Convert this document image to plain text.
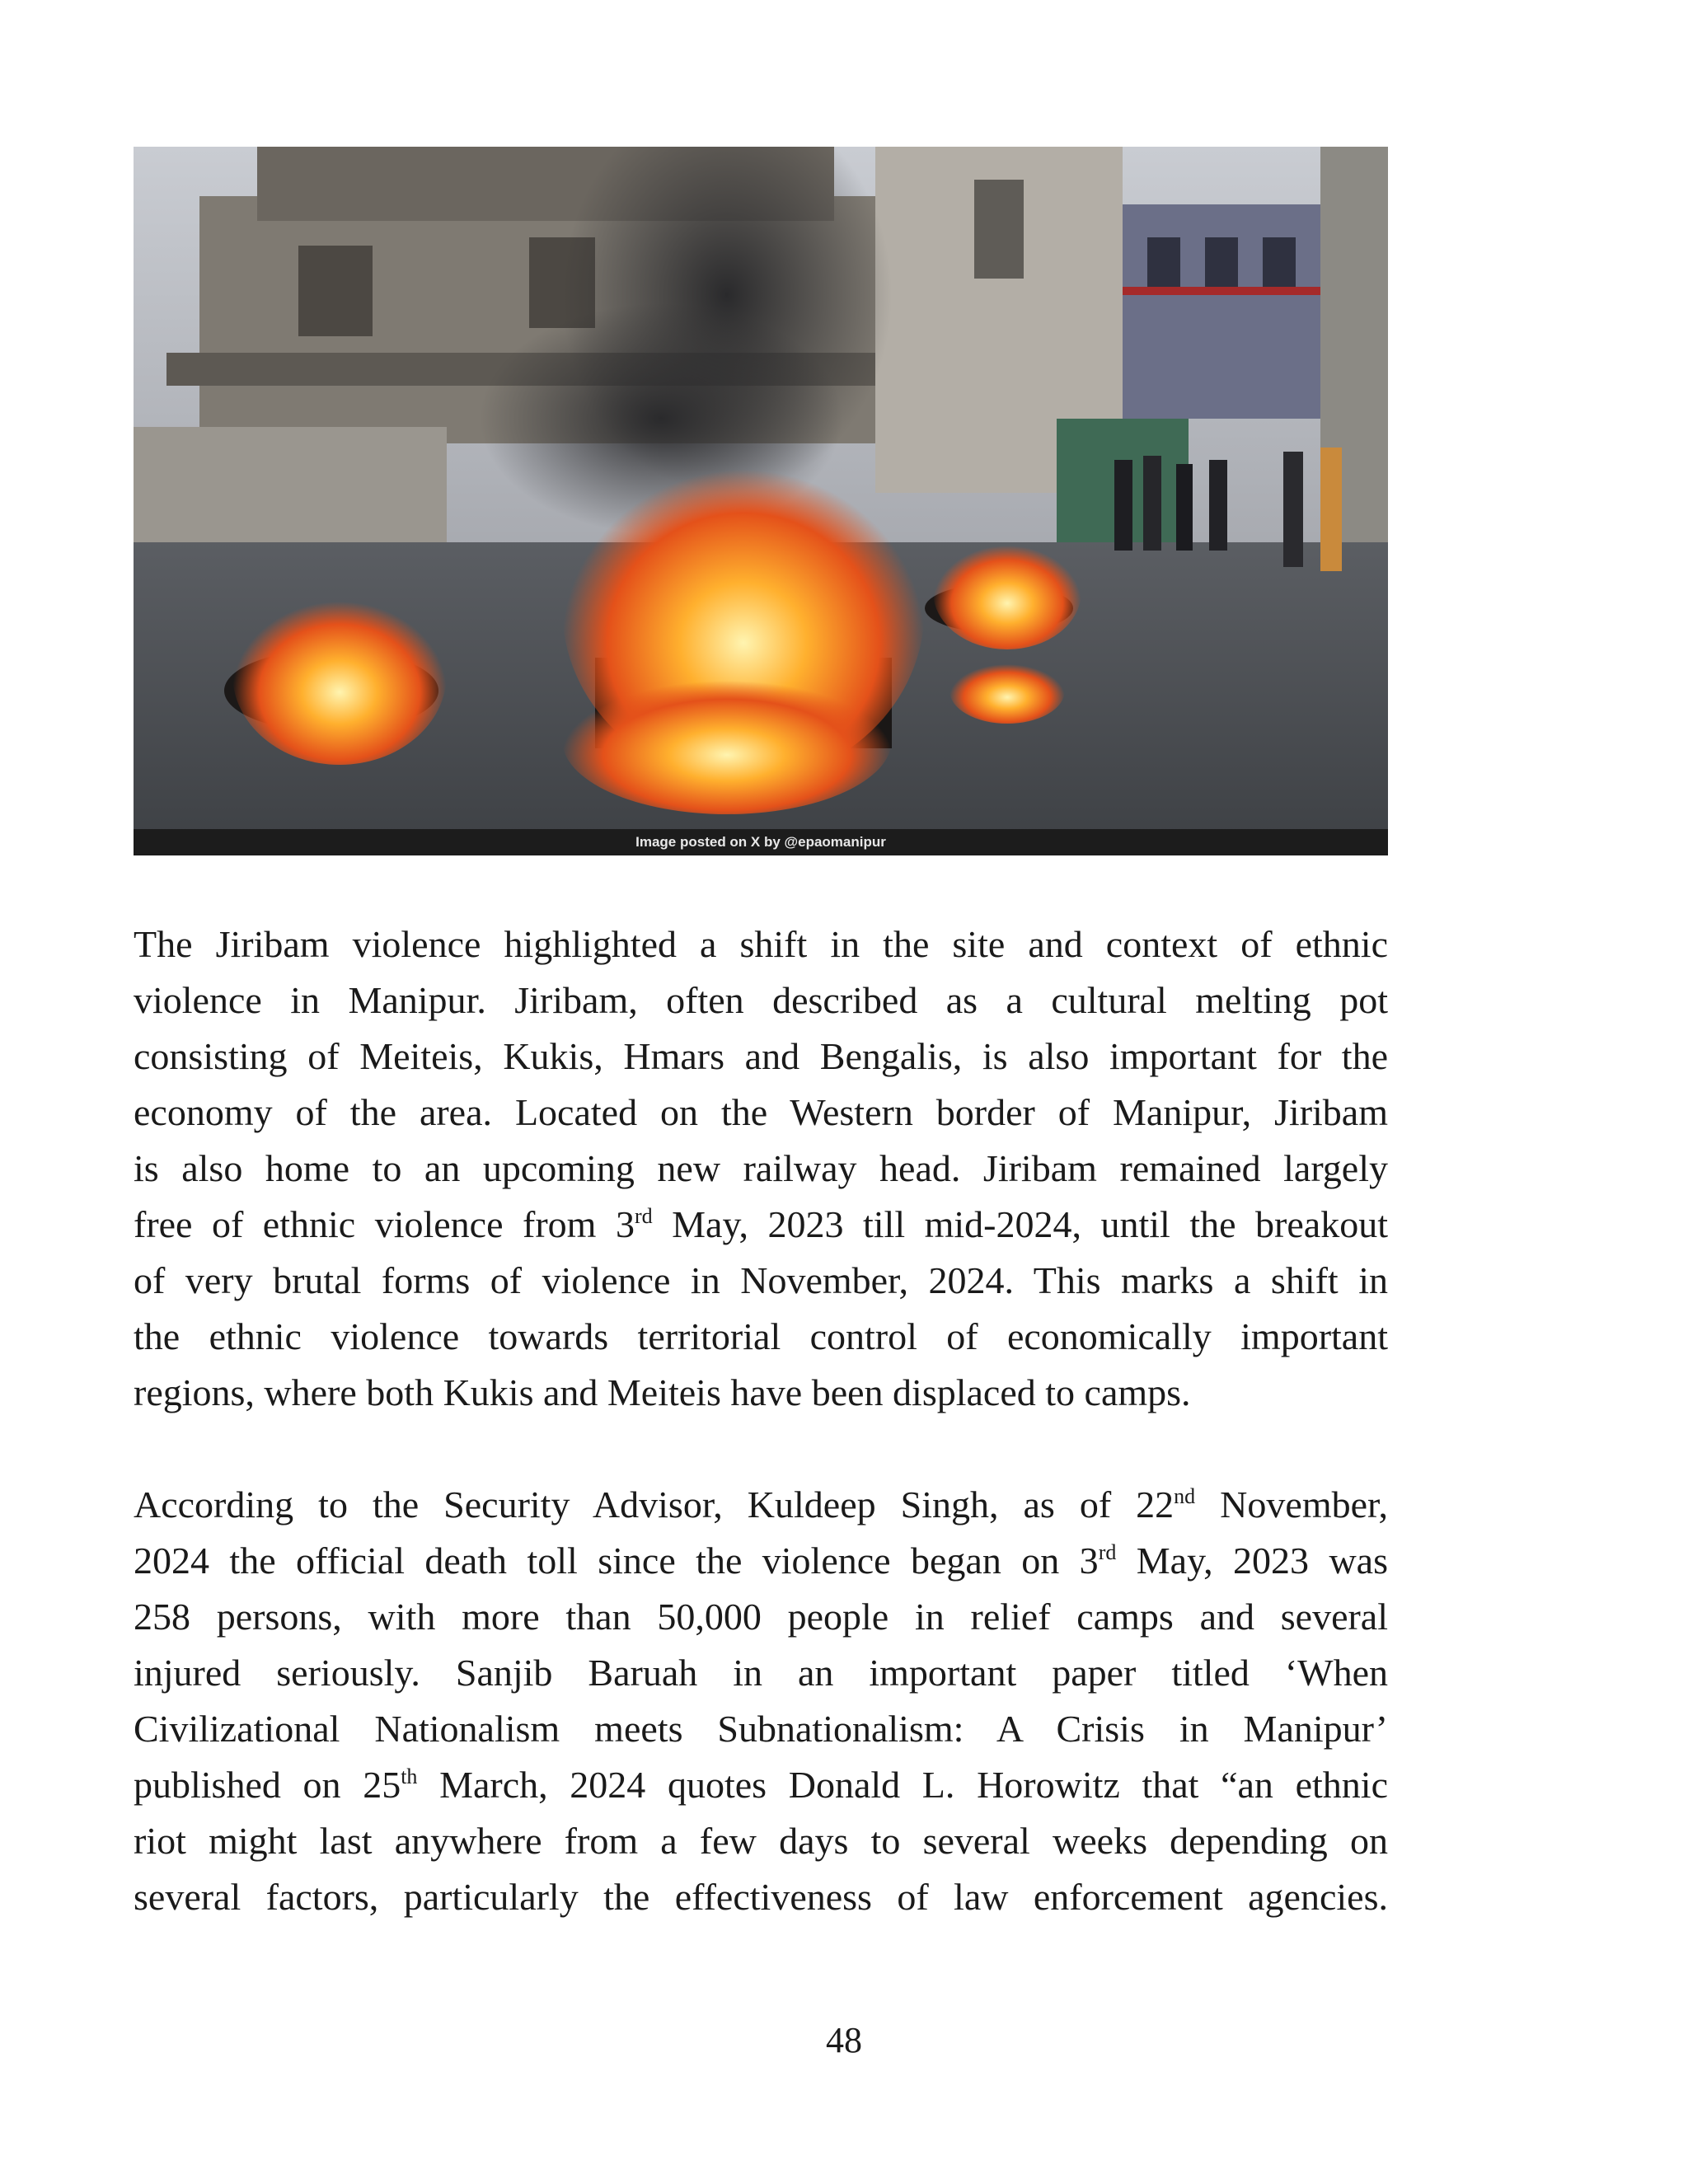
Image posted on X by @epaomanipur
The Jiribam violence highlighted a shift in the site and context of ethnic
violence in Manipur. Jiribam, often described as a cultural melting pot
consisting of Meiteis, Kukis, Hmars and Bengalis, is also important for the
economy of the area. Located on the Western border of Manipur, Jiribam
is also home to an upcoming new railway head. Jiribam remained largely
free of ethnic violence from 3rd May, 2023 till mid-2024, until the breakout
of very brutal forms of violence in November, 2024. This marks a shift in
the ethnic violence towards territorial control of economically important
regions, where both Kukis and Meiteis have been displaced to camps.
According to the Security Advisor, Kuldeep Singh, as of 22nd November,
2024 the official death toll since the violence began on 3rd May, 2023 was
258 persons, with more than 50,000 people in relief camps and several
injured seriously. Sanjib Baruah in an important paper titled ‘When
Civilizational Nationalism meets Subnationalism: A Crisis in Manipur’
published on 25th March, 2024 quotes Donald L. Horowitz that “an ethnic
riot might last anywhere from a few days to several weeks depending on
several factors, particularly the effectiveness of law enforcement agencies.
48
